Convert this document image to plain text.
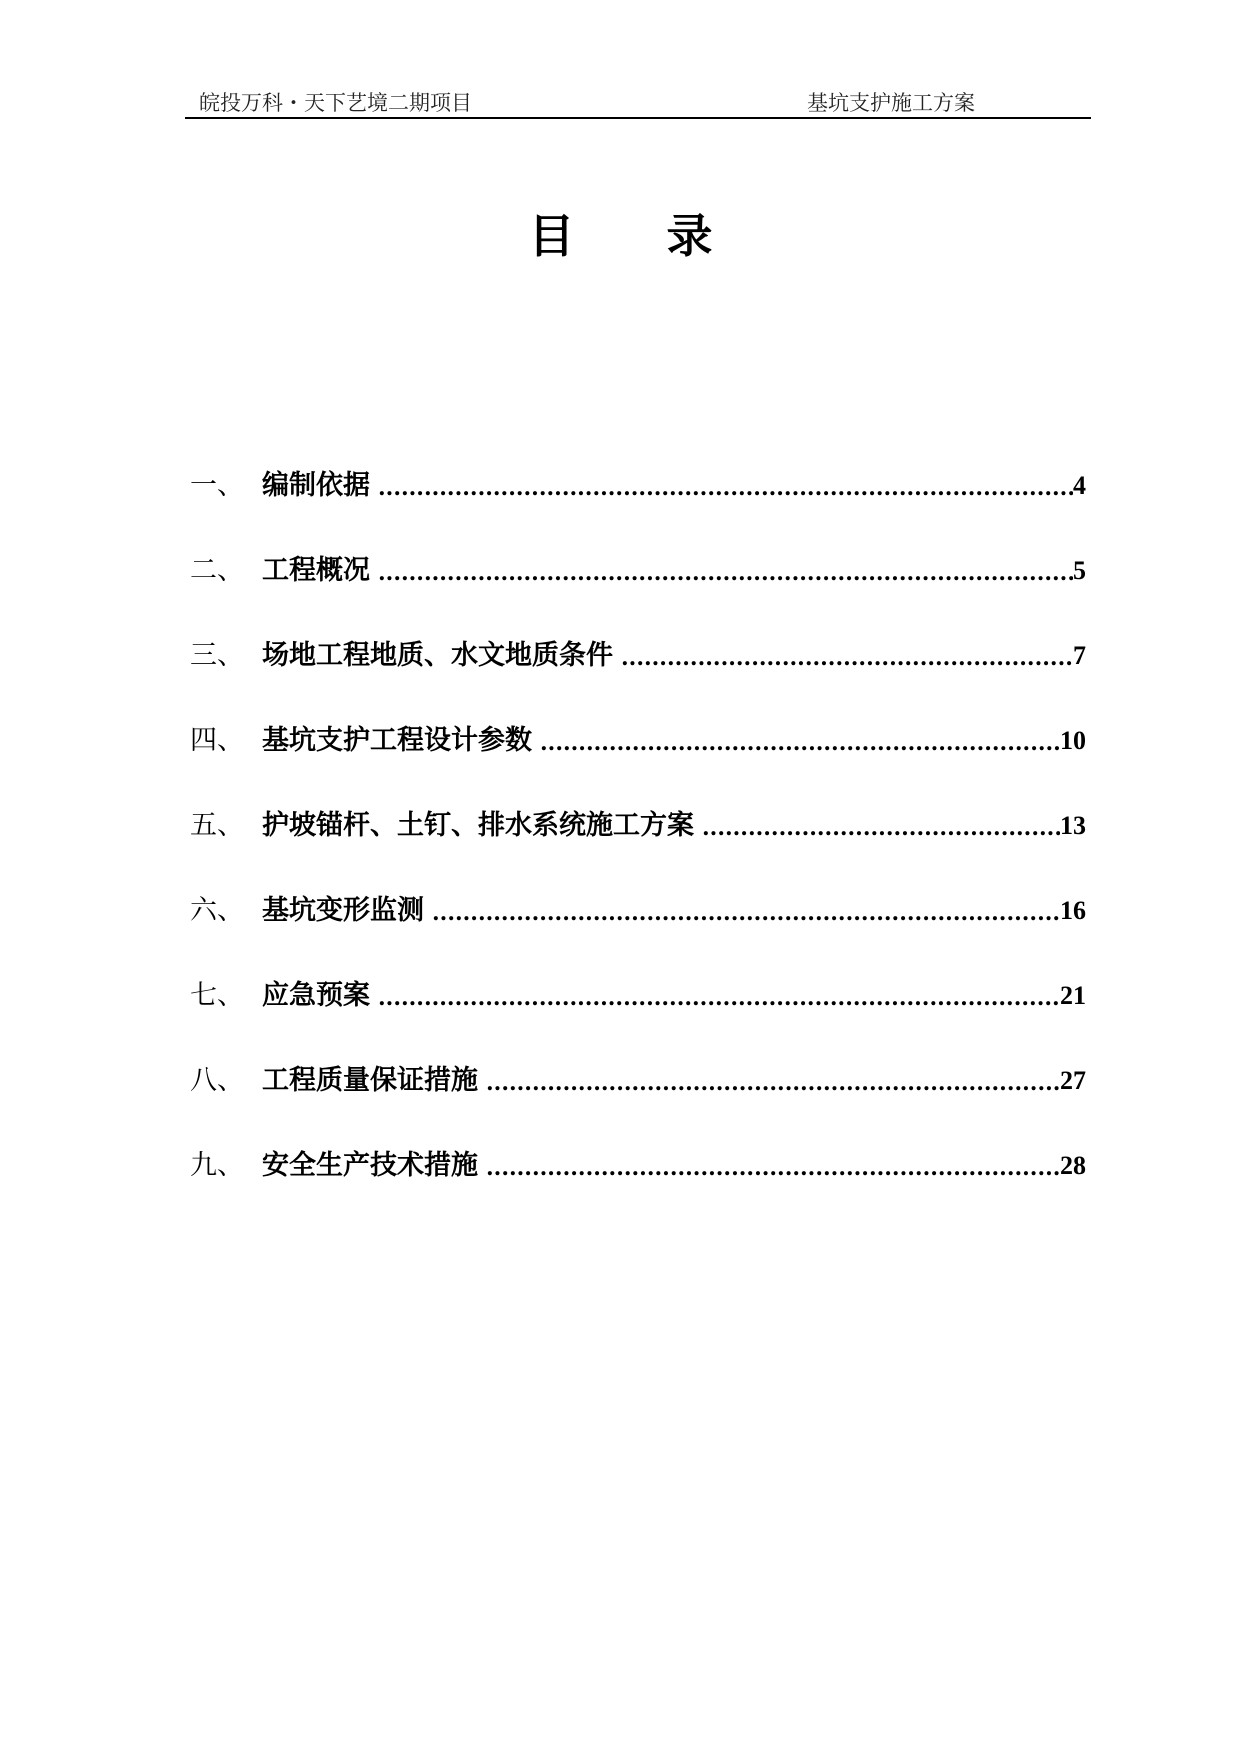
皖投万科・天下艺境二期项目	基坑支护施工方案
目 录
一、 编制依据 .....	4
二、 工程概况 .....	5
三、 场地工程地质、水文地质条件 .....	7
四、 基坑支护工程设计参数 .....	10
五、 护坡锚杆、土钉、排水系统施工方案 .....	13
六、 基坑变形监测 .....	16
七、 应急预案 .....	21
八、 工程质量保证措施 .....	27
九、 安全生产技术措施 .....	28
